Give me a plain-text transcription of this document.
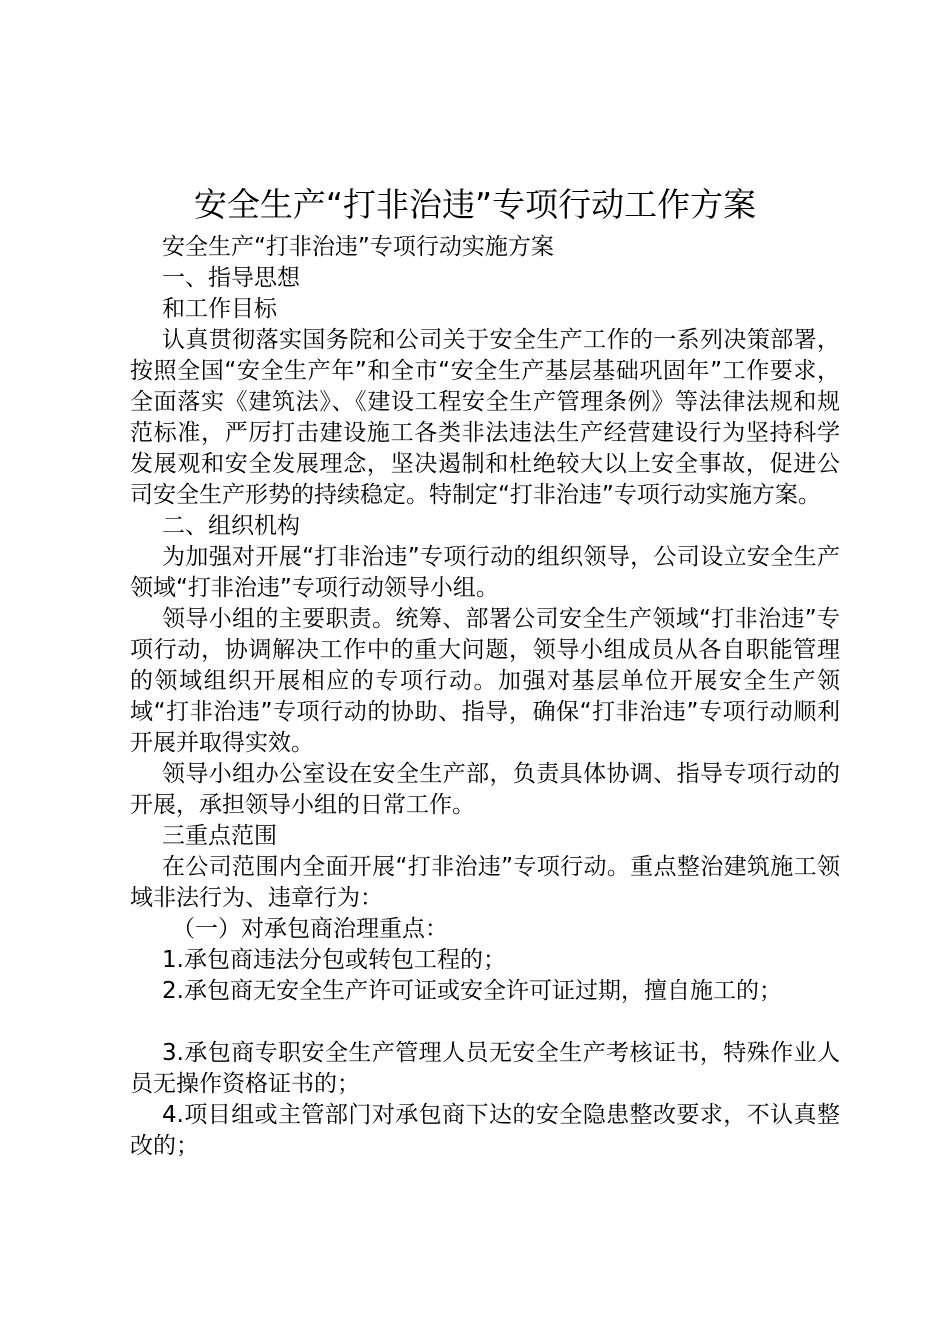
安全生产“打非治违”专项行动工作方案

安全生产“打非治违”专项行动实施方案

一、指导思想

和工作目标

认真贯彻落实国务院和公司关于安全生产工作的一系列决策部署，按照全国“安全生产年”和全市“安全生产基层基础巩固年”工作要求，全面落实《建筑法》、《建设工程安全生产管理条例》等法律法规和规范标准，严厉打击建设施工各类非法违法生产经营建设行为坚持科学发展观和安全发展理念，坚决遏制和杜绝较大以上安全事故，促进公司安全生产形势的持续稳定。特制定“打非治违”专项行动实施方案。

二、组织机构

为加强对开展“打非治违”专项行动的组织领导，公司设立安全生产领域“打非治违”专项行动领导小组。

领导小组的主要职责。统筹、部署公司安全生产领域“打非治违”专项行动，协调解决工作中的重大问题，领导小组成员从各自职能管理的领域组织开展相应的专项行动。加强对基层单位开展安全生产领域“打非治违”专项行动的协助、指导，确保“打非治违”专项行动顺利开展并取得实效。

领导小组办公室设在安全生产部，负责具体协调、指导专项行动的开展，承担领导小组的日常工作。

三重点范围

在公司范围内全面开展“打非治违”专项行动。重点整治建筑施工领域非法行为、违章行为：

（一）对承包商治理重点：

1.承包商违法分包或转包工程的；

2.承包商无安全生产许可证或安全许可证过期，擅自施工的；

3.承包商专职安全生产管理人员无安全生产考核证书，特殊作业人员无操作资格证书的；

4.项目组或主管部门对承包商下达的安全隐患整改要求，不认真整改的；
